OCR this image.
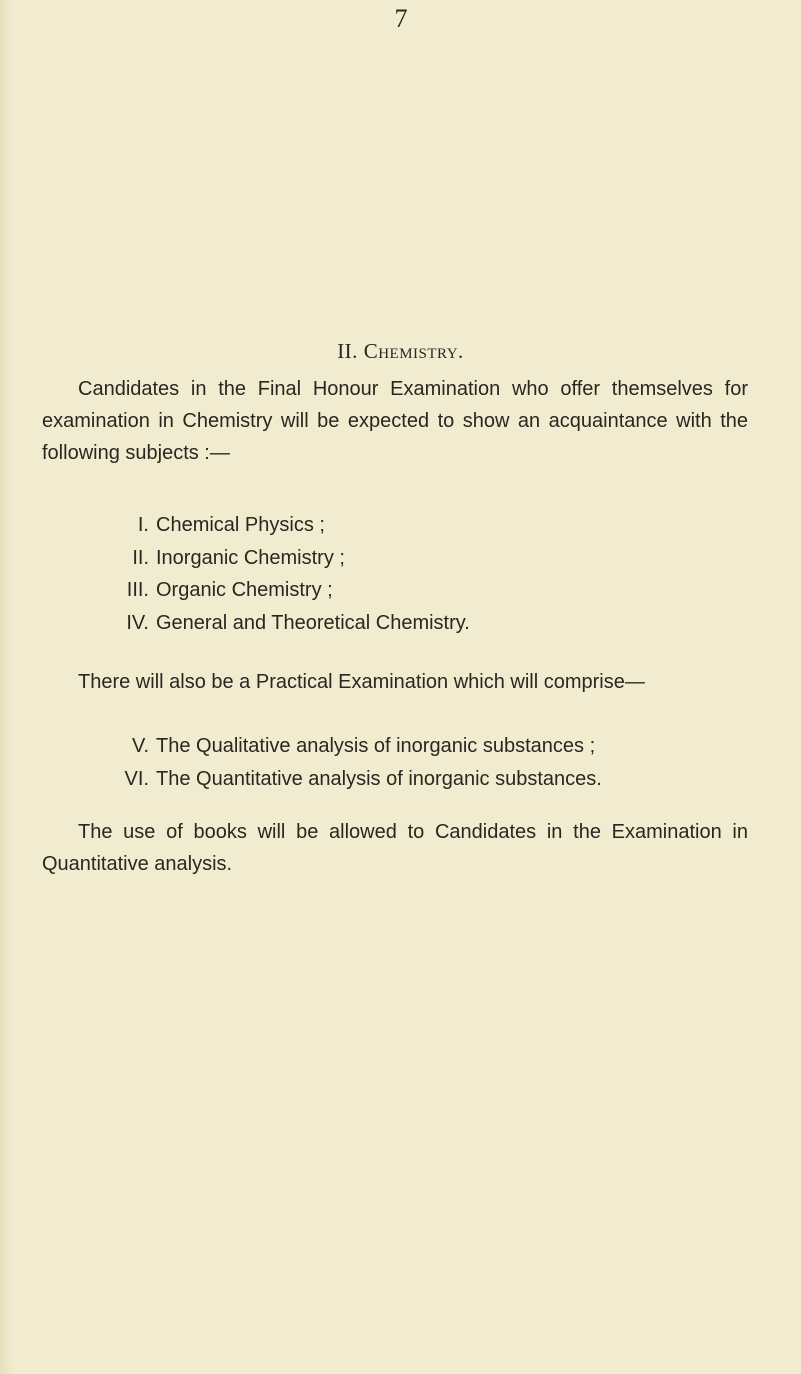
7
II. Chemistry.

Candidates in the Final Honour Examination who offer themselves for examination in Chemistry will be expected to show an acquaintance with the following subjects :—

I. Chemical Physics ;
II. Inorganic Chemistry ;
III. Organic Chemistry ;
IV. General and Theoretical Chemistry.

There will also be a Practical Examination which will comprise—

V. The Qualitative analysis of inorganic substances ;
VI. The Quantitative analysis of inorganic substances.

The use of books will be allowed to Candidates in the Examination in Quantitative analysis.
